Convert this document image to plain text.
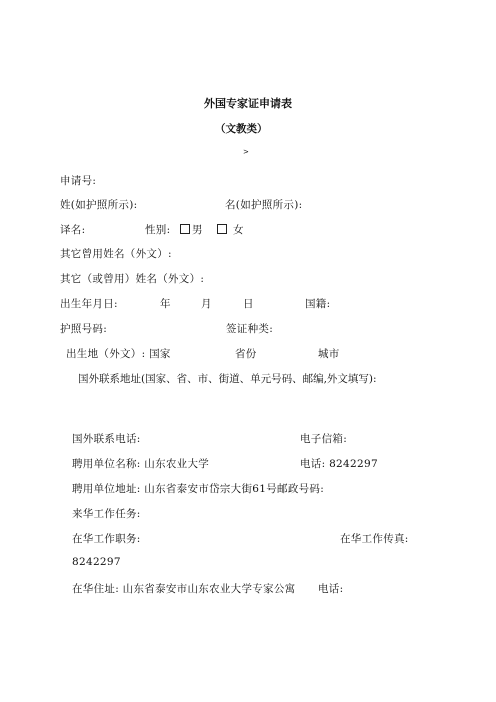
外国专家证申请表
（文教类）
>
申请号:
姓(如护照所示):	名(如护照所示):
译名:	性别:	男	女
其它曾用姓名（外文）:
其它（或曾用）姓名（外文）:
出生年月日:	年	月	日	国籍:
护照号码:	签证种类:
出生地（外文）: 国家	省份	城市
国外联系地址(国家、省、市、街道、单元号码、邮编,外文填写):
国外联系电话:	电子信箱:
聘用单位名称: 山东农业大学	电话: 8242297
聘用单位地址: 山东省泰安市岱宗大街61号邮政号码:
来华工作任务:
在华工作职务:	在华工作传真:
8242297
在华住址: 山东省泰安市山东农业大学专家公寓 电话:
